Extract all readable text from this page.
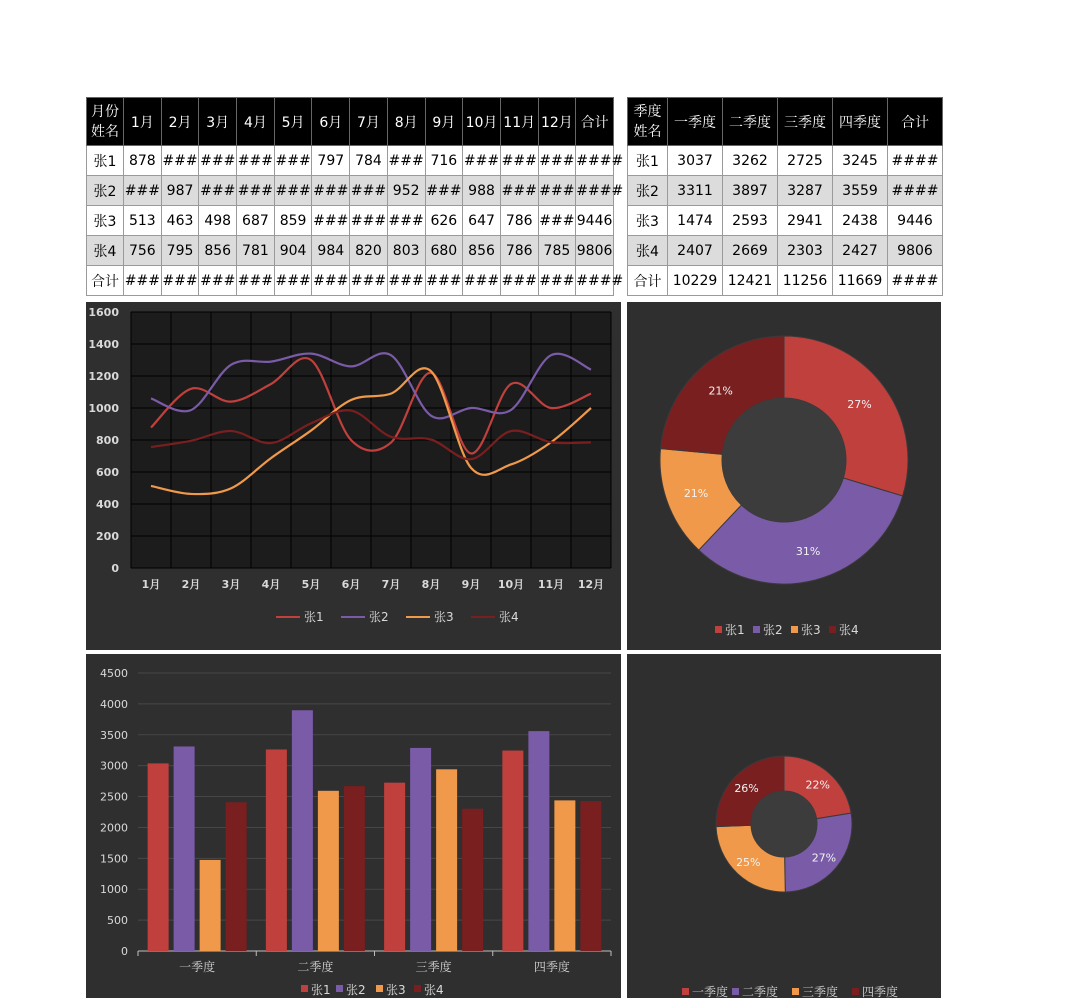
月份
姓名	1月	2月	3月	4月	5月	6月	7月	8月	9月	10月	11月	12月	合计
张1	878	###	###	###	###	797	784	###	716	###	###	###	####
张2	###	987	###	###	###	###	###	952	###	988	###	###	####
张3	513	463	498	687	859	###	###	###	626	647	786	###	9446
张4	756	795	856	781	904	984	820	803	680	856	786	785	9806
合计	###	###	###	###	###	###	###	###	###	###	###	###	####
季度
姓名	一季度	二季度	三季度	四季度	合计
张1	3037	3262	2725	3245	####
张2	3311	3897	3287	3559	####
张3	1474	2593	2941	2438	9446
张4	2407	2669	2303	2427	9806
合计	10229	12421	11256	11669	####
0
200
400
600
800
1000
1200
1400
1600
1月 2月 3月 4月 5月 6月 7月 8月 9月 10月 11月 12月
张1	张2	张3	张4
27%
31%
21%
21%
张1 张2 张3 张4
0
500
1000
1500
2000
2500
3000
3500
4000
4500
一季度	二季度	三季度	四季度
张1 张2 张3 张4
22%
27%
25%
26%
一季度 二季度 三季度 四季度
